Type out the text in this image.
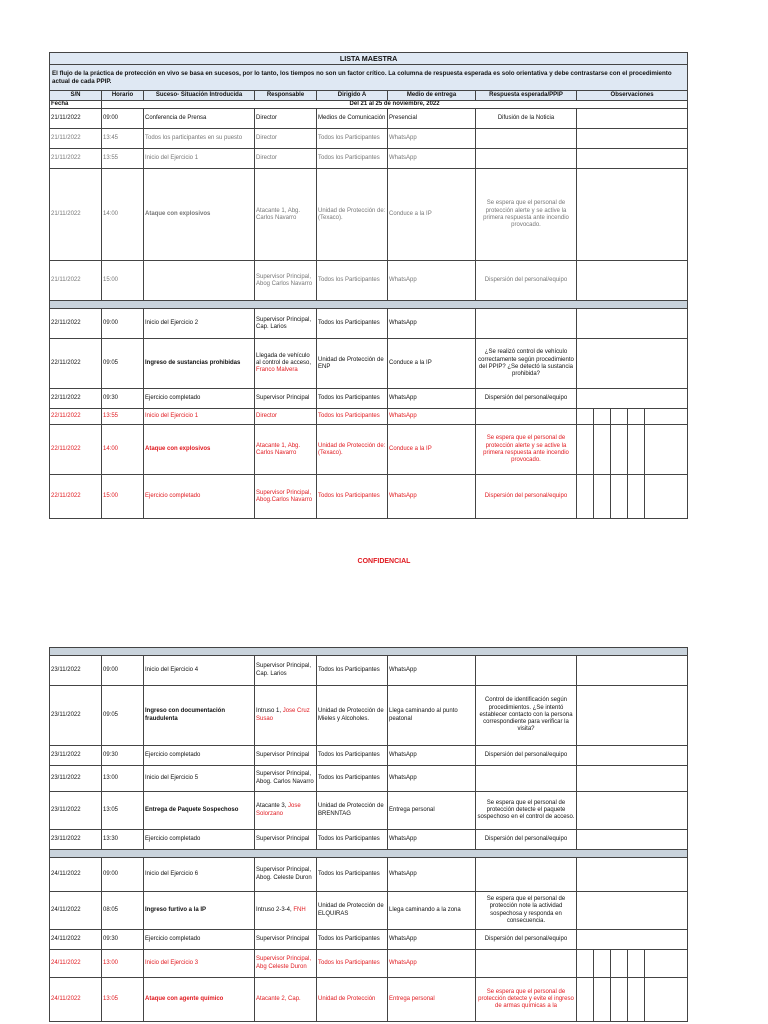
LISTA MAESTRA											
El flujo de la práctica de protección en vivo se basa en sucesos, por lo tanto, los tiempos no son un factor crítico. La columna de respuesta esperada es solo orientativa y debe contrastarse con el procedimiento actual de cada PPIP.											
S/N	Horario	Suceso- Situación Introducida	Responsable	Dirigido A	Medio de entrega	Respuesta esperada/PPIP	Observaciones				
Fecha	Del 21 al 25 de noviembre, 2022										
21/11/2022	09:00	Conferencia de Prensa	Director	Medios de Comunicación	Presencial	Difusión de la Noticia					
21/11/2022	13:45	Todos los participantes en su puesto	Director	Todos los Participantes	WhatsApp						
21/11/2022	13:55	Inicio del Ejercicio 1	Director	Todos los Participantes	WhatsApp						
21/11/2022	14:00	Ataque con explosivos	Atacante 1, Abg. Carlos Navarro	Unidad de Protección de: (Texaco).	Conduce a la IP	Se espera que el personal de protección alerte y se active la primera respuesta ante incendio provocado.					
21/11/2022	15:00		Supervisor Principal, Abog Carlos Navarro	Todos los Participantes	WhatsApp	Dispersión del personal/equipo					

22/11/2022	09:00	Inicio del Ejercicio 2	Supervisor Principal, Cap. Larios	Todos los Participantes	WhatsApp						
22/11/2022	09:05	Ingreso de sustancias prohibidas	Llegada de vehículo al control de acceso, Franco Malvera	Unidad de Protección de ENP	Conduce a la IP	¿Se realizó control de vehículo correctamente según procedimiento del PPIP? ¿Se detectó la sustancia prohibida?					
22/11/2022	09:30	Ejercicio completado	Supervisor Principal	Todos los Participantes	WhatsApp	Dispersión del personal/equipo					
22/11/2022	13:55	Inicio del Ejercicio 1	Director	Todos los Participantes	WhatsApp						
22/11/2022	14:00	Ataque con explosivos	Atacante 1, Abg. Carlos Navarro	Unidad de Protección de: (Texaco).	Conduce a la IP	Se espera que el personal de protección alerte y se active la primera respuesta ante incendio provocado.					
22/11/2022	15:00	Ejercicio completado	Supervisor Principal, Abog.Carlos Navarro	Todos los Participantes	WhatsApp	Dispersión del personal/equipo					
CONFIDENCIAL

23/11/2022	09:00	Inicio del Ejercicio 4	Supervisor Principal, Cap. Larios	Todos los Participantes	WhatsApp						
23/11/2022	09:05	Ingreso con documentación fraudulenta	Intruso 1, Jose Cruz Susao	Unidad de Protección de Mieles y Alcoholes.	Llega caminando al punto peatonal	Control de identificación según procedimientos. ¿Se intentó establecer contacto con la persona correspondiente para verificar la visita?					
23/11/2022	09:30	Ejercicio completado	Supervisor Principal	Todos los Participantes	WhatsApp	Dispersión del personal/equipo					
23/11/2022	13:00	Inicio del Ejercicio 5	Supervisor Principal, Abog. Carlos Navarro	Todos los Participantes	WhatsApp						
23/11/2022	13:05	Entrega de Paquete Sospechoso	Atacante 3, Jose Solorzano	Unidad de Protección de BRENNTAG	Entrega personal	Se espera que el personal de protección detecte el paquete sospechoso en el control de acceso.					
23/11/2022	13:30	Ejercicio completado	Supervisor Principal	Todos los Participantes	WhatsApp	Dispersión del personal/equipo					

24/11/2022	09:00	Inicio del Ejercicio 6	Supervisor Principal, Abog. Celeste Duron	Todos los Participantes	WhatsApp						
24/11/2022	08:05	Ingreso furtivo a la IP	Intruso 2-3-4, FNH	Unidad de Protección de ELQUIRAS	Llega caminando a la zona	Se espera que el personal de protección note la actividad sospechosa y responda en consecuencia.					
24/11/2022	09:30	Ejercicio completado	Supervisor Principal	Todos los Participantes	WhatsApp	Dispersión del personal/equipo					
24/11/2022	13:00	Inicio del Ejercicio 3	Supervisor Principal, Abg Celeste Duron	Todos los Participantes	WhatsApp						
24/11/2022	13:05	Ataque con agente químico	Atacante 2, Cap.	Unidad de Protección	Entrega personal	Se espera que el personal de protección detecte y evite el ingreso de armas químicas a la					
